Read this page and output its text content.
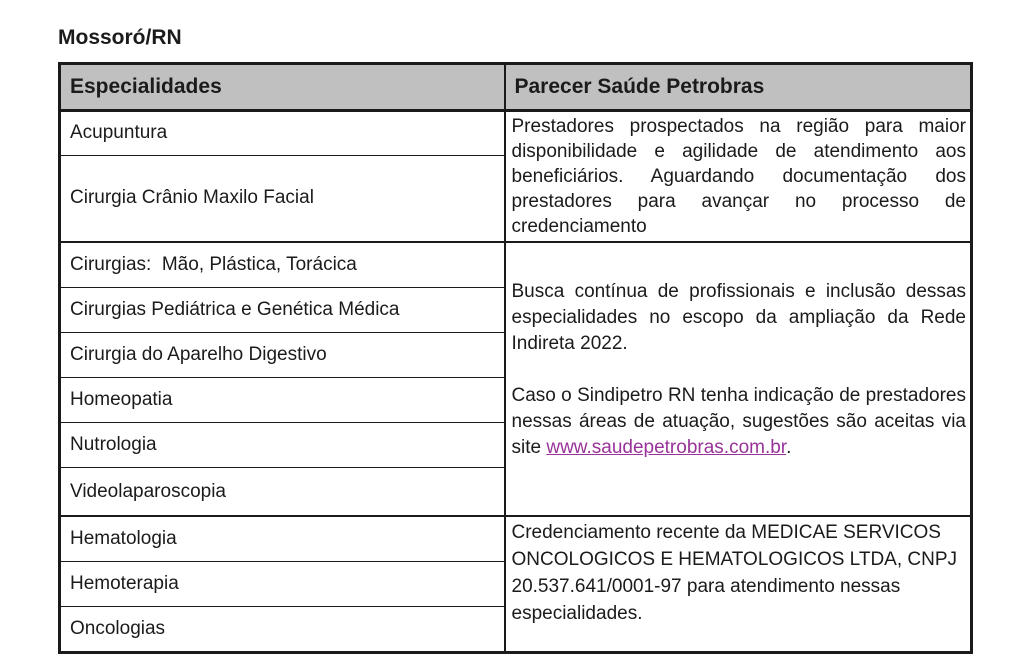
Mossoró/RN
Especialidades	Parecer Saúde Petrobras
Acupuntura	Prestadores prospectados na região para maior disponibilidade e agilidade de atendimento aos beneficiários. Aguardando documentação dos prestadores para avançar no processo de credenciamento

Cirurgia Crânio Maxilo Facial	
Cirurgias:  Mão, Plástica, Torácica	Busca contínua de profissionais e inclusão dessas especialidades no escopo da ampliação da Rede Indireta 2022.

Caso o Sindipetro RN tenha indicação de prestadores nessas áreas de atuação, sugestões são aceitas via site www.saudepetrobras.com.br.

Cirurgias Pediátrica e Genética Médica	
Cirurgia do Aparelho Digestivo	
Homeopatia	
Nutrologia	
Videolaparoscopia	
Hematologia	Credenciamento recente da MEDICAE SERVICOS ONCOLOGICOS E HEMATOLOGICOS LTDA, CNPJ 20.537.641/0001-97 para atendimento nessas especialidades.

Hemoterapia	
Oncologias	
